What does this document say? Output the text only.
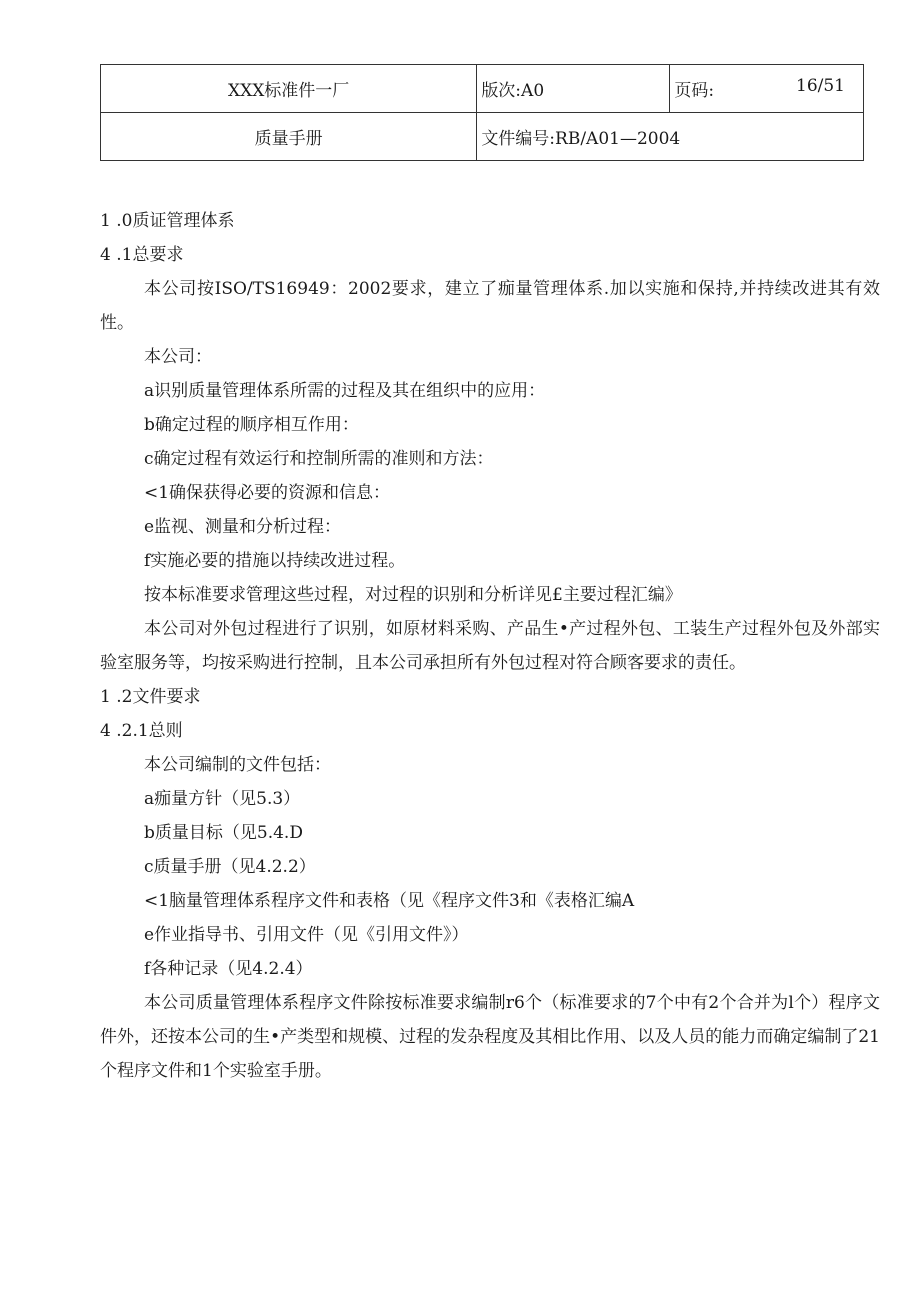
XXX标准件一厂	版次:A0	页码: 16/51

质量手册	文件编号:RB/A01—2004	

1 .0质证管理体系

4 .1总要求

本公司按ISO/TS16949：2002要求，建立了痂量管理体系.加以实施和保持,并持续改进其有效性。

本公司：

a识别质量管理体系所需的过程及其在组织中的应用：

b确定过程的顺序相互作用：

c确定过程有效运行和控制所需的准则和方法：

<1确保获得必要的资源和信息：

e监视、测量和分析过程：

f实施必要的措施以持续改进过程。

按本标准要求管理这些过程，对过程的识别和分析详见£主要过程汇编》

本公司对外包过程进行了识别，如原材料采购、产品生•产过程外包、工装生产过程外包及外部实验室服务等，均按采购进行控制，且本公司承担所有外包过程对符合顾客要求的责任。

1 .2文件要求

4 .2.1总则

本公司编制的文件包括：

a痂量方针（见5.3）

b质量目标（见5.4.D

c质量手册（见4.2.2）

<1脑量管理体系程序文件和表格（见《程序文件3和《表格汇编A

e作业指导书、引用文件（见《引用文件》）

f各种记录（见4.2.4）

本公司质量管理体系程序文件除按标准要求编制r6个（标准要求的7个中有2个合并为l个）程序文件外，还按本公司的生•产类型和规模、过程的发杂程度及其相比作用、以及人员的能力而确定编制了21个程序文件和1个实验室手册。
